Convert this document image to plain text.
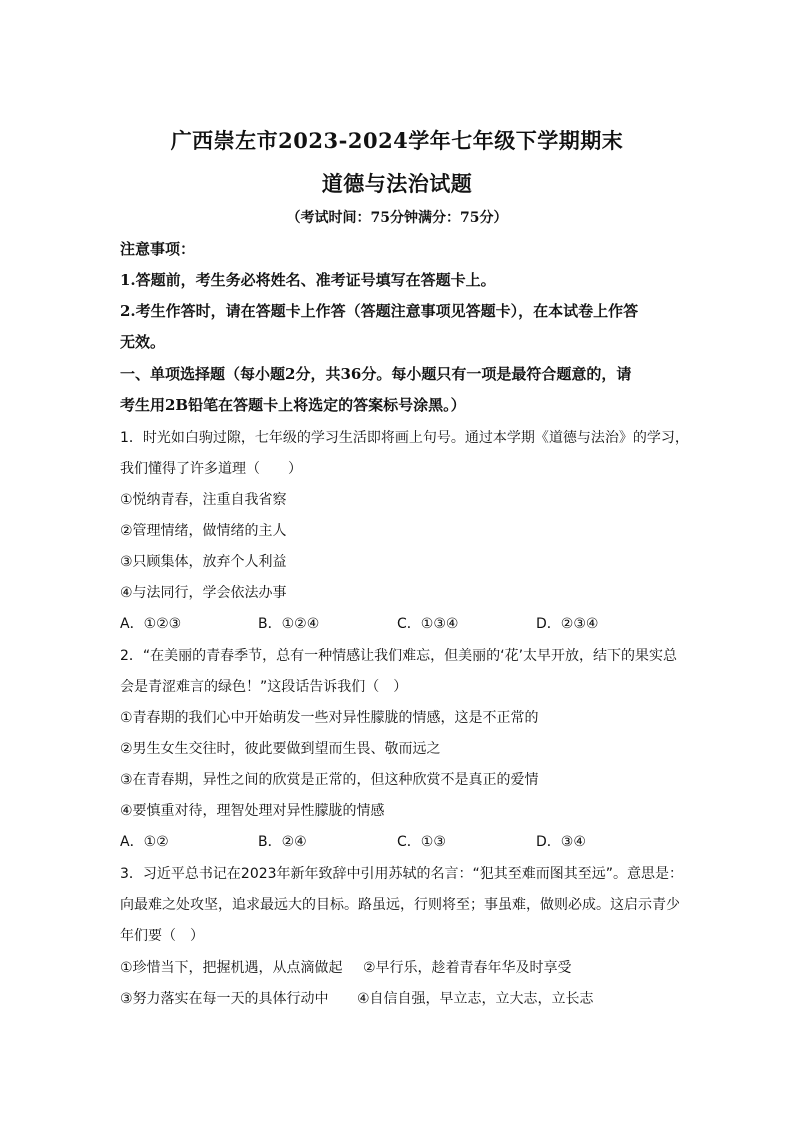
广西崇左市2023-2024学年七年级下学期期末
道德与法治试题
（考试时间：75分钟满分：75分）
注意事项：
1.答题前，考生务必将姓名、准考证号填写在答题卡上。
2.考生作答时，请在答题卡上作答（答题注意事项见答题卡），在本试卷上作答
无效。
一、单项选择题（每小题2分，共36分。每小题只有一项是最符合题意的，请
考生用2B铅笔在答题卡上将选定的答案标号涂黑。）
1．时光如白驹过隙，七年级的学习生活即将画上句号。通过本学期《道德与法治》的学习，
我们懂得了许多道理（　　）
①悦纳青春，注重自我省察
②管理情绪，做情绪的主人
③只顾集体，放弃个人利益
④与法同行，学会依法办事
A．①②③	B．①②④	C．①③④	D．②③④
2．“在美丽的青春季节，总有一种情感让我们难忘，但美丽的‘花’太早开放，结下的果实总
会是青涩难言的绿色！”这段话告诉我们（　）
①青春期的我们心中开始萌发一些对异性朦胧的情感，这是不正常的
②男生女生交往时，彼此要做到望而生畏、敬而远之
③在青春期，异性之间的欣赏是正常的，但这种欣赏不是真正的爱情
④要慎重对待，理智处理对异性朦胧的情感
A．①②	B．②④	C．①③	D．③④
3．习近平总书记在2023年新年致辞中引用苏轼的名言：“犯其至难而图其至远”。意思是：
向最难之处攻坚，追求最远大的目标。路虽远，行则将至；事虽难，做则必成。这启示青少
年们要（　）
①珍惜当下，把握机遇，从点滴做起 ②早行乐，趁着青春年华及时享受
③努力落实在每一天的具体行动中 ④自信自强，早立志，立大志，立长志
